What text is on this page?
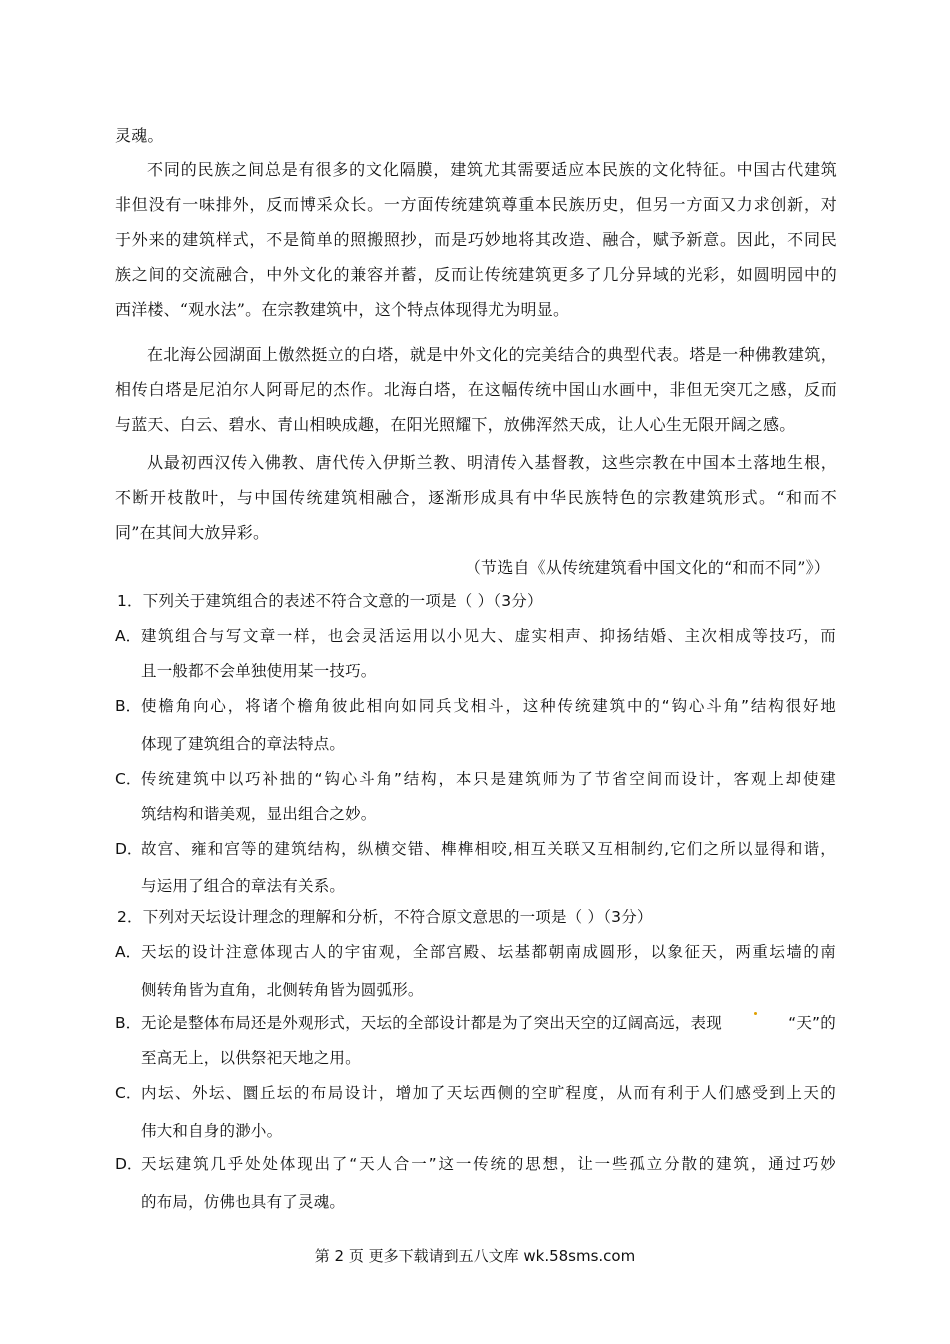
灵魂。
不同的民族之间总是有很多的文化隔膜，建筑尤其需要适应本民族的文化特征。中国古代建筑
非但没有一味排外，反而博采众长。一方面传统建筑尊重本民族历史，但另一方面又力求创新，对
于外来的建筑样式，不是简单的照搬照抄，而是巧妙地将其改造、融合，赋予新意。因此，不同民
族之间的交流融合，中外文化的兼容并蓄，反而让传统建筑更多了几分异域的光彩，如圆明园中的
西洋楼、“观水法”。在宗教建筑中，这个特点体现得尤为明显。
在北海公园湖面上傲然挺立的白塔，就是中外文化的完美结合的典型代表。塔是一种佛教建筑，
相传白塔是尼泊尔人阿哥尼的杰作。北海白塔，在这幅传统中国山水画中，非但无突兀之感，反而
与蓝天、白云、碧水、青山相映成趣，在阳光照耀下，放佛浑然天成，让人心生无限开阔之感。
从最初西汉传入佛教、唐代传入伊斯兰教、明清传入基督教，这些宗教在中国本土落地生根，
不断开枝散叶，与中国传统建筑相融合，逐渐形成具有中华民族特色的宗教建筑形式。“和而不
同”在其间大放异彩。
（节选自《从传统建筑看中国文化的“和而不同”》）
1．下列关于建筑组合的表述不符合文意的一项是（ ）（3分）
A． 建筑组合与写文章一样，也会灵活运用以小见大、虚实相声、抑扬结婚、主次相成等技巧，而
且一般都不会单独使用某一技巧。
B． 使檐角向心，将诸个檐角彼此相向如同兵戈相斗，这种传统建筑中的“钩心斗角”结构很好地
体现了建筑组合的章法特点。
C． 传统建筑中以巧补拙的“钩心斗角”结构，本只是建筑师为了节省空间而设计，客观上却使建
筑结构和谐美观，显出组合之妙。
D．
故宫、雍和宫等的建筑结构，纵横交错、榫榫相咬,相互关联又互相制约,它们之所以显得和谐，
与运用了组合的章法有关系。
2．下列对天坛设计理念的理解和分析，不符合原文意思的一项是（ ）（3分）
A． 天坛的设计注意体现古人的宇宙观，全部宫殿、坛基都朝南成圆形，以象征天，两重坛墙的南
侧转角皆为直角，北侧转角皆为圆弧形。
B． 无论是整体布局还是外观形式，天坛的全部设计都是为了突出天空的辽阔高远，表现	“天”的
至高无上，以供祭祀天地之用。
C． 内坛、外坛、圜丘坛的布局设计，增加了天坛西侧的空旷程度，从而有利于人们感受到上天的
伟大和自身的渺小。
D．
天坛建筑几乎处处体现出了“天人合一”这一传统的思想，让一些孤立分散的建筑，通过巧妙
的布局，仿佛也具有了灵魂。
第 2 页 更多下载请到五八文库 wk.58sms.com
